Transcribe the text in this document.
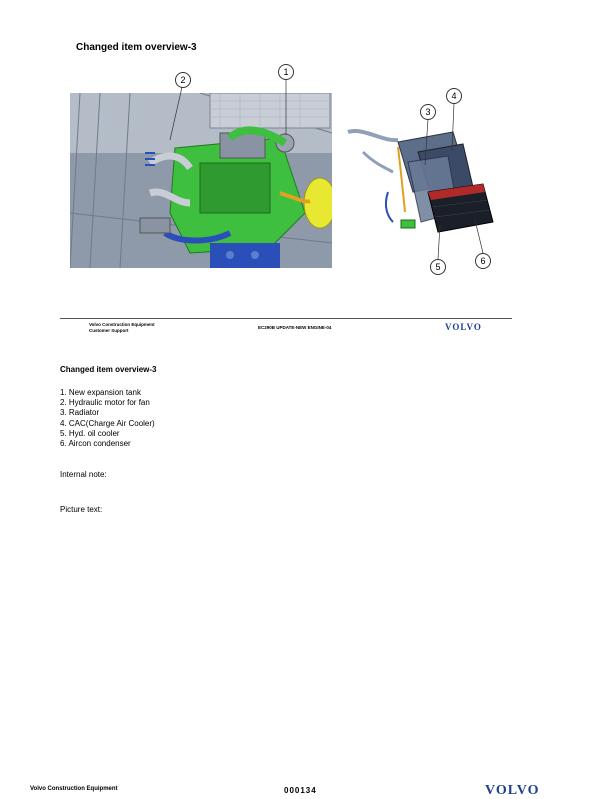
Changed item overview-3
1
2
3
4
5
6
Volvo Construction Equipment
Customer Support	EC290B UPDATE-NEW ENGINE-04	VOLVO
Changed item overview-3
1. New expansion tank
2. Hydraulic motor for fan
3. Radiator
4. CAC(Charge Air Cooler)
5. Hyd. oil cooler
6. Aircon condenser
Internal note:
Picture text:
Volvo Construction Equipment	000134	VOLVO
